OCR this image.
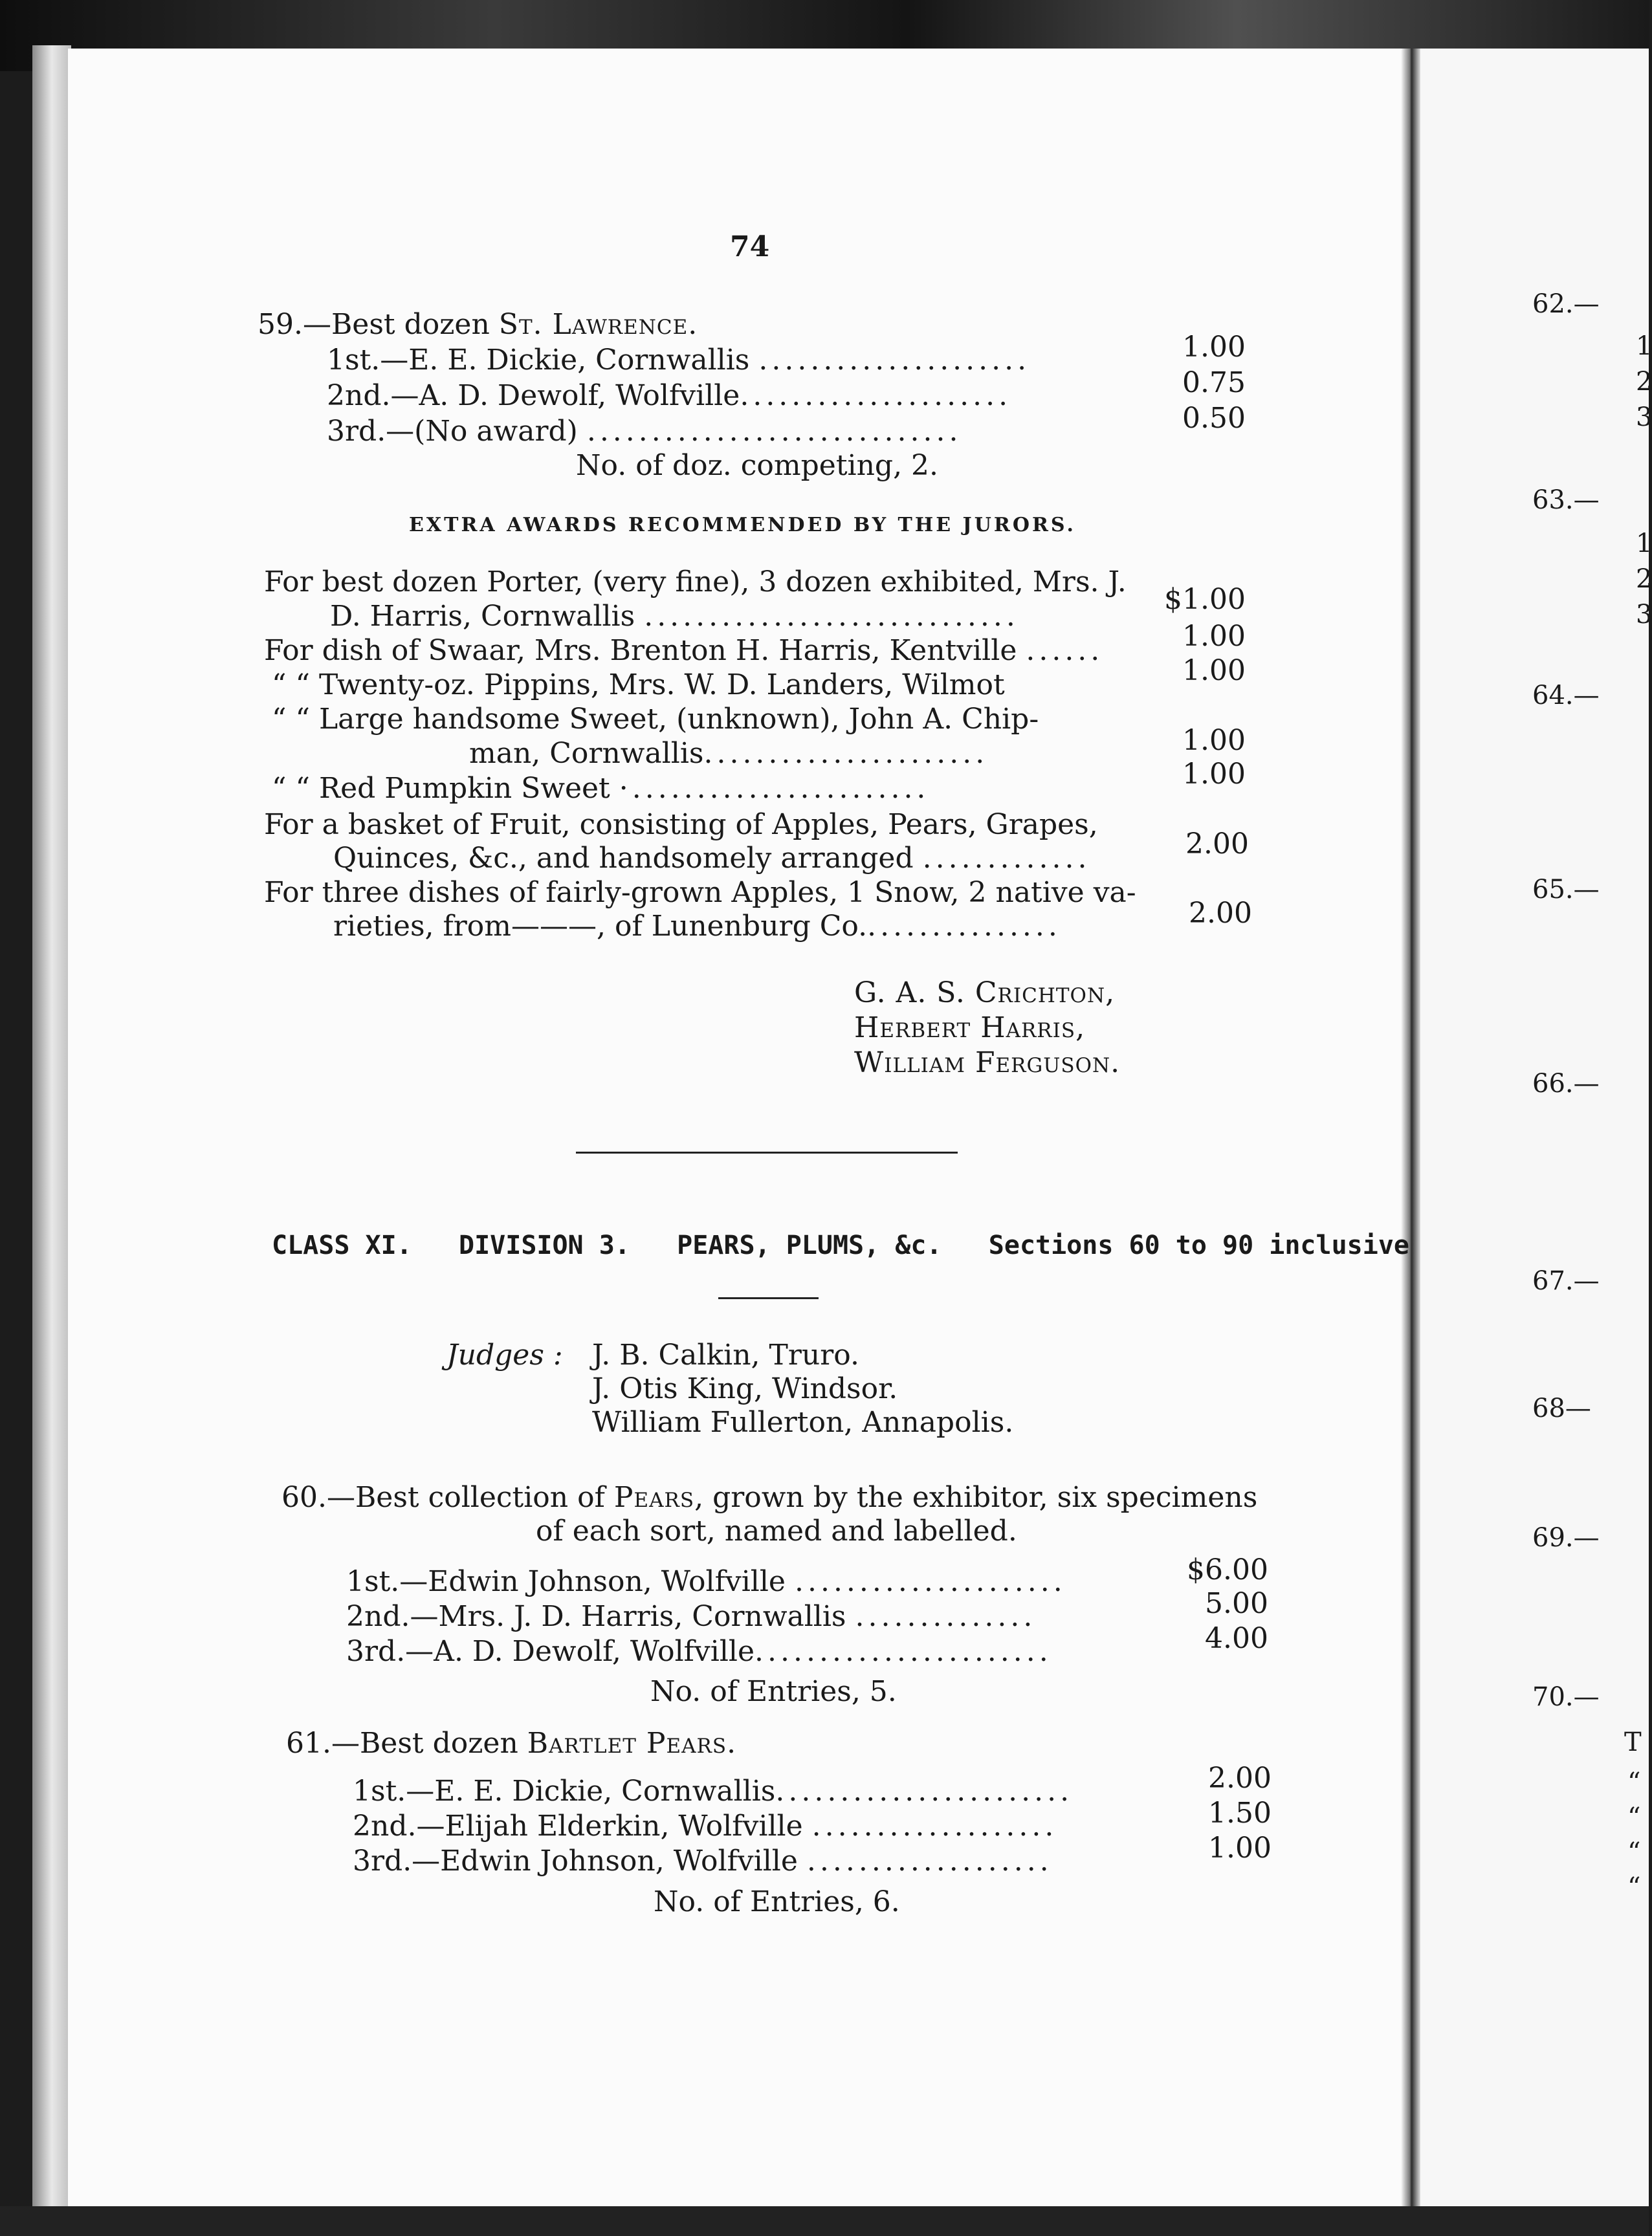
74
59.—Best dozen St. Lawrence.
1st.—E. E. Dickie, Cornwallis .....................	1.00
2nd.—A. D. Dewolf, Wolfville.....................	0.75
3rd.—(No award) .............................	0.50
No. of doz. competing, 2.
EXTRA AWARDS RECOMMENDED BY THE JURORS.
For best dozen Porter, (very fine), 3 dozen exhibited, Mrs. J.
D. Harris, Cornwallis .............................
$1.00
For dish of Swaar, Mrs. Brenton H. Harris, Kentville ......	1.00
“ “ Twenty-oz. Pippins, Mrs. W. D. Landers, Wilmot	1.00
“ “ Large handsome Sweet, (unknown), John A. Chip-
man, Cornwallis......................	1.00
“ “ Red Pumpkin Sweet ·.......................	1.00
For a basket of Fruit, consisting of Apples, Pears, Grapes,
Quinces, &c., and handsomely arranged .............	2.00
For three dishes of fairly-grown Apples, 1 Snow, 2 native va-
rieties, from———, of Lunenburg Co................	2.00
G. A. S. Crichton,
Herbert Harris,
William Ferguson.
CLASS XI.   DIVISION 3.   PEARS, PLUMS, &c.   Sections 60 to 90 inclusive
Judges : J. B. Calkin, Truro.
J. Otis King, Windsor.
William Fullerton, Annapolis.
60.—Best collection of Pears, grown by the exhibitor, six specimens
of each sort, named and labelled.
1st.—Edwin Johnson, Wolfville .....................	$6.00
2nd.—Mrs. J. D. Harris, Cornwallis ..............	5.00
3rd.—A. D. Dewolf, Wolfville.......................	4.00
No. of Entries, 5.
61.—Best dozen Bartlet Pears.
1st.—E. E. Dickie, Cornwallis.......................	2.00
2nd.—Elijah Elderkin, Wolfville ...................	1.50
3rd.—Edwin Johnson, Wolfville ...................	1.00
No. of Entries, 6.
62.—
1
2
3
63.—
1
2
3
64.—
65.—
66.—
67.—
68—
69.—
70.—
T
“
“
“
“
